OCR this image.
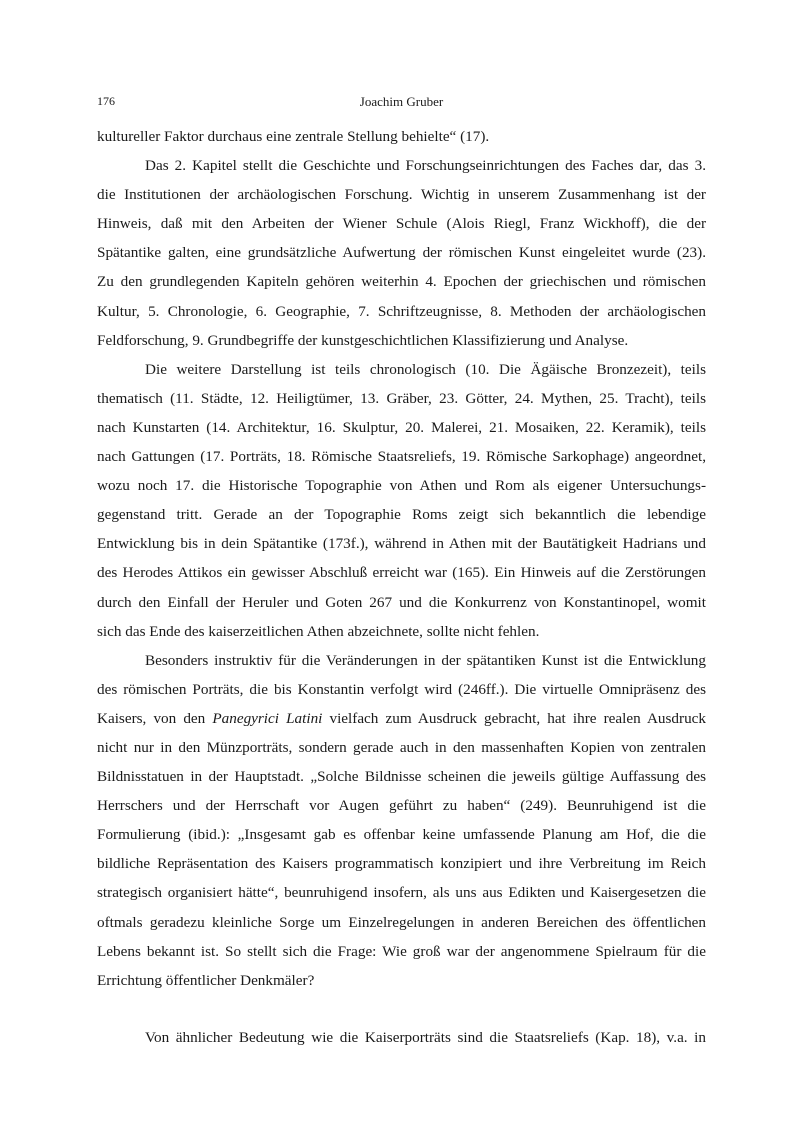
176	Joachim Gruber
kultureller Faktor durchaus eine zentrale Stellung behielte“ (17).
Das 2. Kapitel stellt die Geschichte und Forschungseinrichtungen des Faches dar, das 3.
die Institutionen der archäologischen Forschung. Wichtig in unserem Zusammenhang ist der
Hinweis, daß mit den Arbeiten der Wiener Schule (Alois Riegl, Franz Wickhoff), die der
Spätantike galten, eine grundsätzliche Aufwertung der römischen Kunst eingeleitet wurde (23).
Zu den grundlegenden Kapiteln gehören weiterhin 4. Epochen der griechischen und römischen
Kultur, 5. Chronologie, 6. Geographie, 7. Schriftzeugnisse, 8. Methoden der archäologischen
Feldforschung, 9. Grundbegriffe der kunstgeschichtlichen Klassifizierung und Analyse.
Die weitere Darstellung ist teils chronologisch (10. Die Ägäische Bronzezeit), teils
thematisch (11. Städte, 12. Heiligtümer, 13. Gräber, 23. Götter, 24. Mythen, 25. Tracht), teils
nach Kunstarten (14. Architektur, 16. Skulptur, 20. Malerei, 21. Mosaiken, 22. Keramik), teils
nach Gattungen (17. Porträts, 18. Römische Staatsreliefs, 19. Römische Sarkophage) angeordnet,
wozu noch 17. die Historische Topographie von Athen und Rom als eigener Untersuchungs-
gegenstand tritt. Gerade an der Topographie Roms zeigt sich bekanntlich die lebendige
Entwicklung bis in dein Spätantike (173f.), während in Athen mit der Bautätigkeit Hadrians und
des Herodes Attikos ein gewisser Abschluß erreicht war (165). Ein Hinweis auf die Zerstörungen
durch den Einfall der Heruler und Goten 267 und die Konkurrenz von Konstantinopel, womit
sich das Ende des kaiserzeitlichen Athen abzeichnete, sollte nicht fehlen.
Besonders instruktiv für die Veränderungen in der spätantiken Kunst ist die Entwicklung
des römischen Porträts, die bis Konstantin verfolgt wird (246ff.). Die virtuelle Omnipräsenz des
Kaisers, von den Panegyrici Latini vielfach zum Ausdruck gebracht, hat ihre realen Ausdruck
nicht nur in den Münzporträts, sondern gerade auch in den massenhaften Kopien von zentralen
Bildnisstatuen in der Hauptstadt. „Solche Bildnisse scheinen die jeweils gültige Auffassung des
Herrschers und der Herrschaft vor Augen geführt zu haben“ (249). Beunruhigend ist die
Formulierung (ibid.): „Insgesamt gab es offenbar keine umfassende Planung am Hof, die die
bildliche Repräsentation des Kaisers programmatisch konzipiert und ihre Verbreitung im Reich
strategisch organisiert hätte“, beunruhigend insofern, als uns aus Edikten und Kaisergesetzen die
oftmals geradezu kleinliche Sorge um Einzelregelungen in anderen Bereichen des öffentlichen
Lebens bekannt ist. So stellt sich die Frage: Wie groß war der angenommene Spielraum für die
Errichtung öffentlicher Denkmäler?
Von ähnlicher Bedeutung wie die Kaiserporträts sind die Staatsreliefs (Kap. 18), v.a. in
